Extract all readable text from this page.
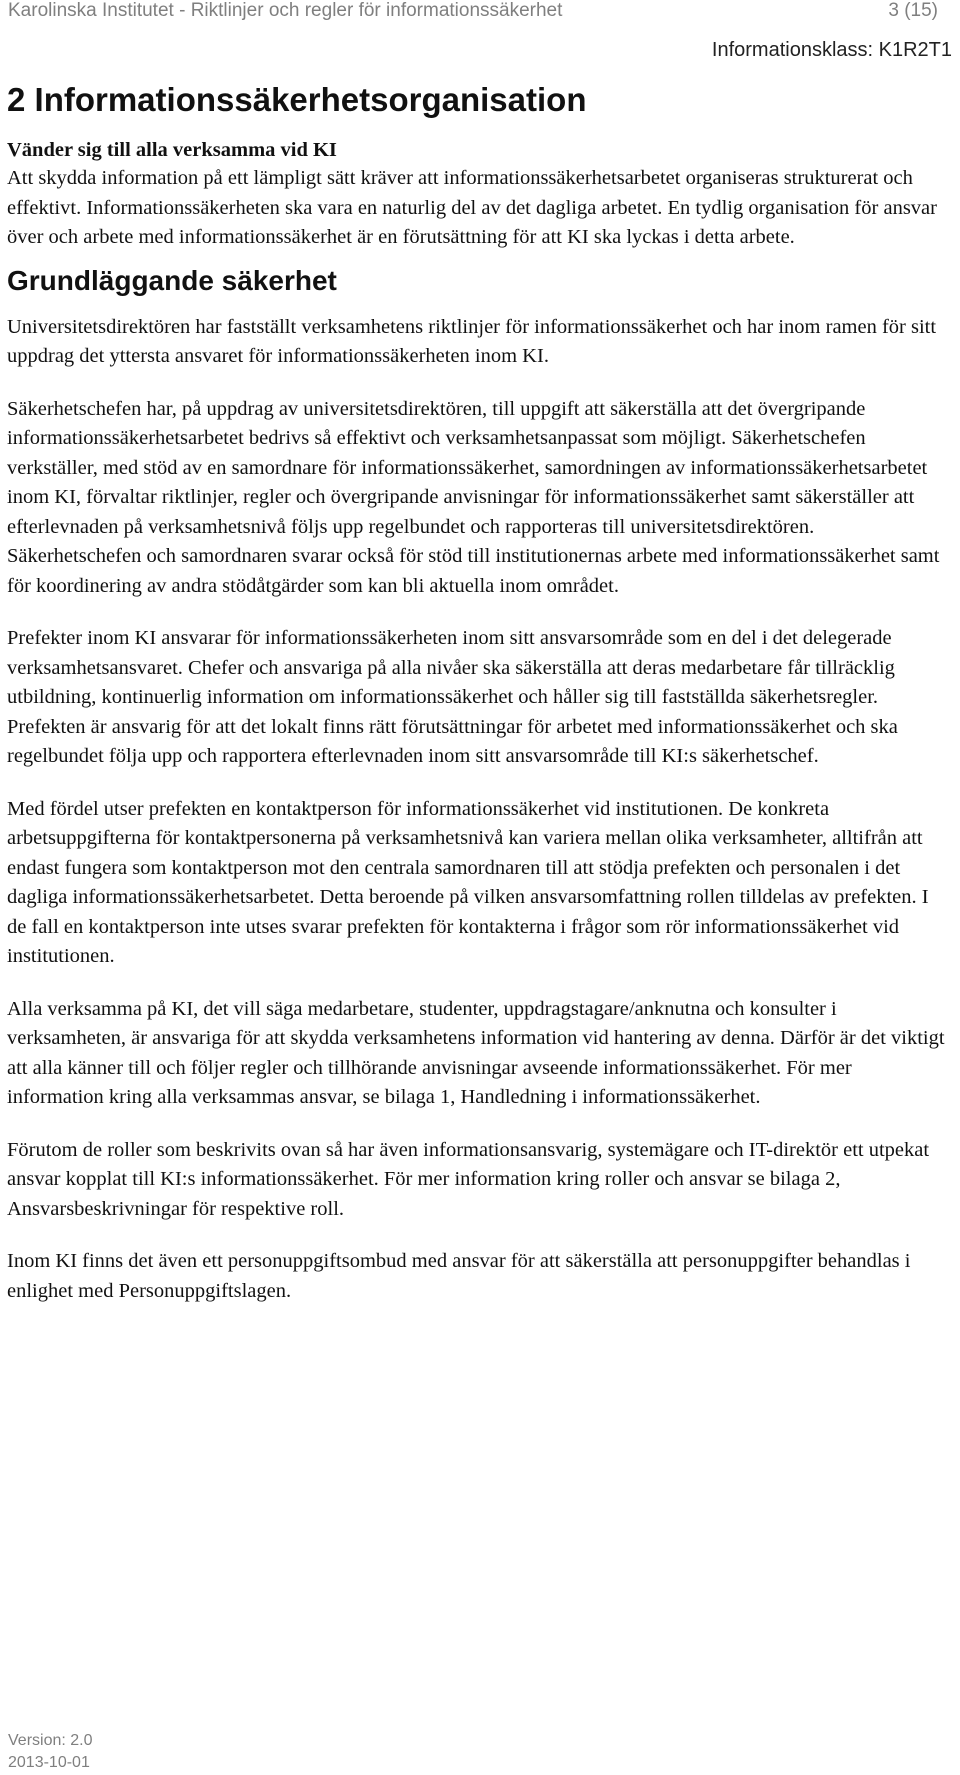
Karolinska Institutet - Riktlinjer och regler för informationssäkerhet	3 (15)
Informationsklass: K1R2T1
2 Informationssäkerhetsorganisation
Vänder sig till alla verksamma vid KI

Att skydda information på ett lämpligt sätt kräver att informationssäkerhetsarbetet organiseras strukturerat och effektivt. Informationssäkerheten ska vara en naturlig del av det dagliga arbetet. En tydlig organisation för ansvar över och arbete med informationssäkerhet är en förutsättning för att KI ska lyckas i detta arbete.

Grundläggande säkerhet

Universitetsdirektören har fastställt verksamhetens riktlinjer för informationssäkerhet och har inom ramen för sitt uppdrag det yttersta ansvaret för informationssäkerheten inom KI.

Säkerhetschefen har, på uppdrag av universitetsdirektören, till uppgift att säkerställa att det övergripande informationssäkerhetsarbetet bedrivs så effektivt och verksamhetsanpassat som möjligt. Säkerhetschefen verkställer, med stöd av en samordnare för informationssäkerhet, samordningen av informationssäkerhetsarbetet inom KI, förvaltar riktlinjer, regler och övergripande anvisningar för informationssäkerhet samt säkerställer att efterlevnaden på verksamhetsnivå följs upp regelbundet och rapporteras till universitetsdirektören. Säkerhetschefen och samordnaren svarar också för stöd till institutionernas arbete med informationssäkerhet samt för koordinering av andra stödåtgärder som kan bli aktuella inom området.

Prefekter inom KI ansvarar för informationssäkerheten inom sitt ansvarsområde som en del i det delegerade verksamhetsansvaret. Chefer och ansvariga på alla nivåer ska säkerställa att deras medarbetare får tillräcklig utbildning, kontinuerlig information om informationssäkerhet och håller sig till fastställda säkerhetsregler. Prefekten är ansvarig för att det lokalt finns rätt förutsättningar för arbetet med informationssäkerhet och ska regelbundet följa upp och rapportera efterlevnaden inom sitt ansvarsområde till KI:s säkerhetschef.

Med fördel utser prefekten en kontaktperson för informationssäkerhet vid institutionen. De konkreta arbetsuppgifterna för kontaktpersonerna på verksamhetsnivå kan variera mellan olika verksamheter, alltifrån att endast fungera som kontaktperson mot den centrala samordnaren till att stödja prefekten och personalen i det dagliga informationssäkerhetsarbetet. Detta beroende på vilken ansvarsomfattning rollen tilldelas av prefekten. I de fall en kontaktperson inte utses svarar prefekten för kontakterna i frågor som rör informationssäkerhet vid institutionen.

Alla verksamma på KI, det vill säga medarbetare, studenter, uppdragstagare/anknutna och konsulter i verksamheten, är ansvariga för att skydda verksamhetens information vid hantering av denna. Därför är det viktigt att alla känner till och följer regler och tillhörande anvisningar avseende informationssäkerhet. För mer information kring alla verksammas ansvar, se bilaga 1, Handledning i informationssäkerhet.

Förutom de roller som beskrivits ovan så har även informationsansvarig, systemägare och IT-direktör ett utpekat ansvar kopplat till KI:s informationssäkerhet. För mer information kring roller och ansvar se bilaga 2, Ansvarsbeskrivningar för respektive roll.

Inom KI finns det även ett personuppgiftsombud med ansvar för att säkerställa att personuppgifter behandlas i enlighet med Personuppgiftslagen.

Version: 2.0
2013-10-01
